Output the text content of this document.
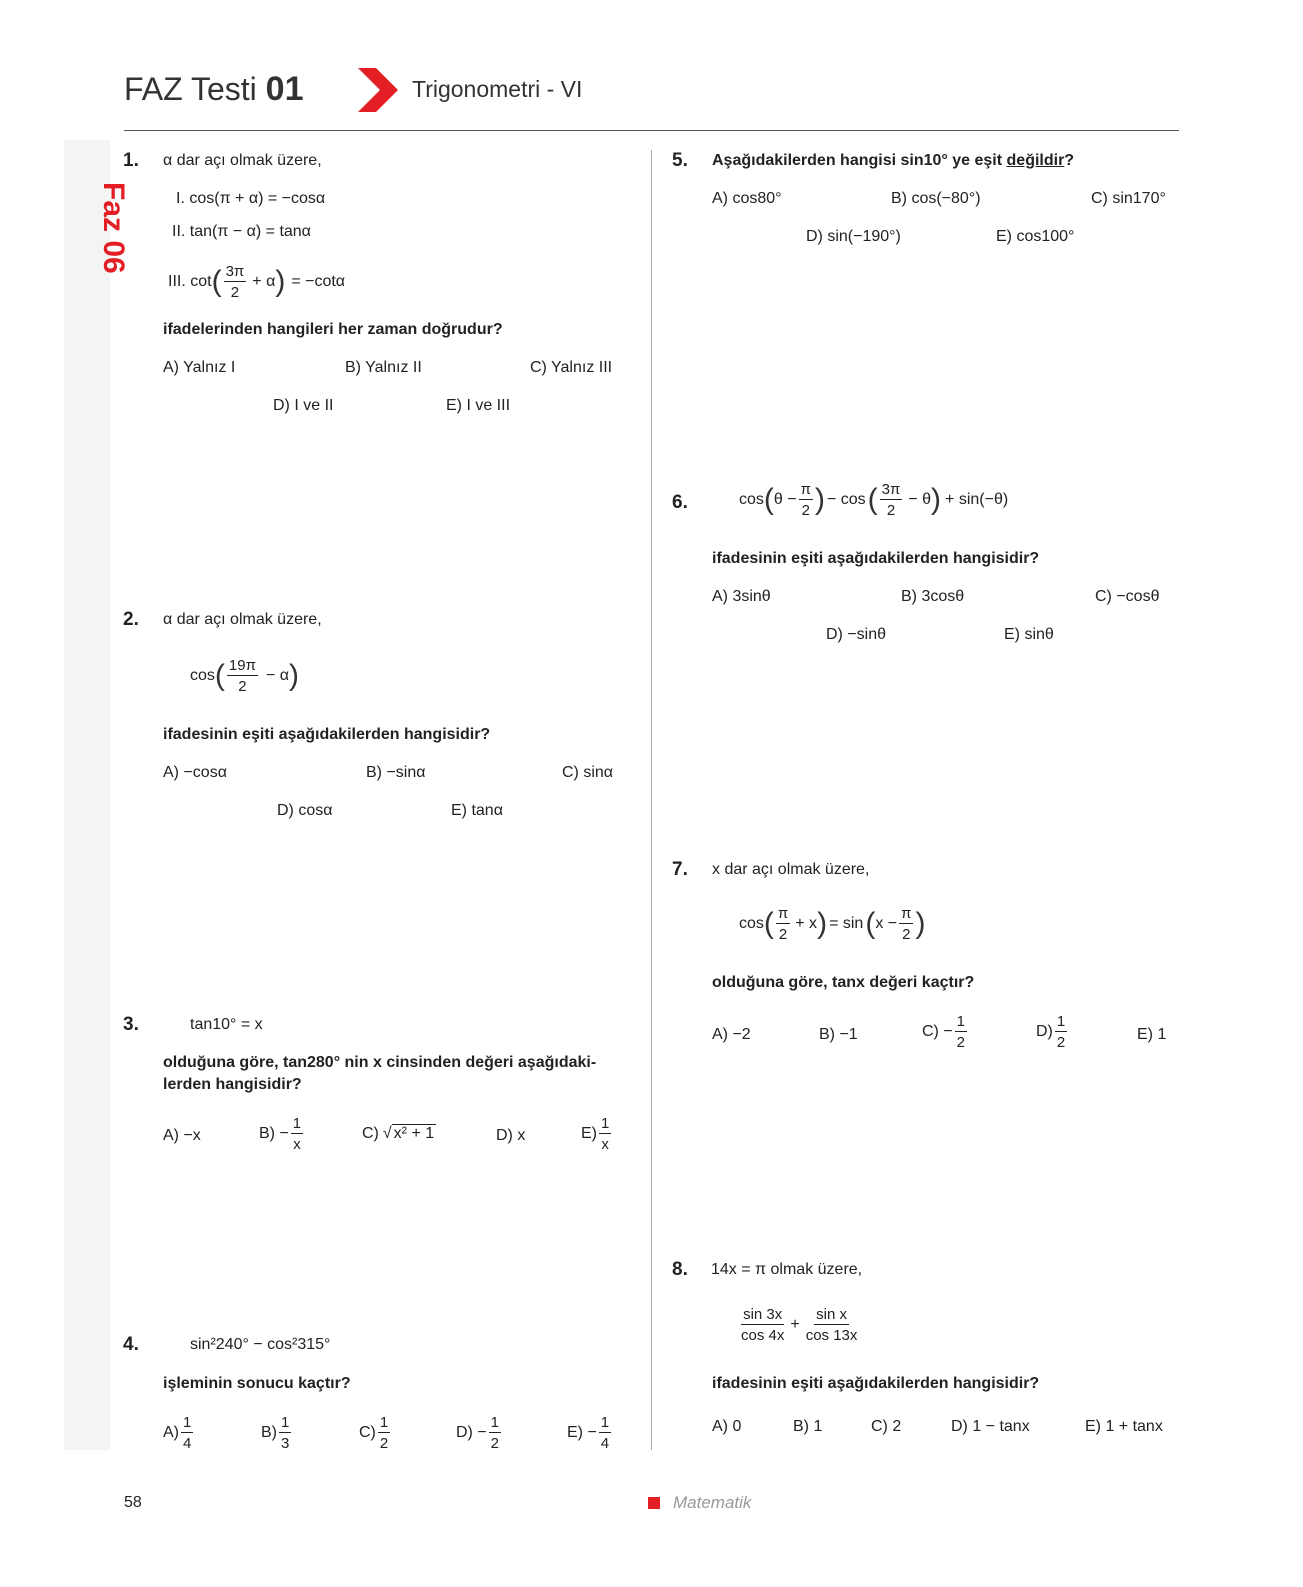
Faz 06
FAZ Testi 01	Trigonometri - VI
1. α dar açı olmak üzere,
I. cos(π + α) = −cosα
II. tan(π − α) = tanα
III. cot ( 3π
2
+ α ) = −cotα
ifadelerinden hangileri her zaman doğrudur?
A) Yalnız I	B) Yalnız II	C) Yalnız III
D) I ve II	E) I ve III
2. α dar açı olmak üzere,
cos ( 19π
2
− α )
ifadesinin eşiti aşağıdakilerden hangisidir?
A) −cosα	B) −sinα	C) sinα
D) cosα	E) tanα
3.	tan10° = x
olduğuna göre, tan280° nin x cinsinden değeri aşağıdaki-
lerden hangisidir?
A) −x	$B) - \frac{1}{x}$	C) √ x² + 1	D) x	E)
1
x
4.	sin²240° − cos²315°
işleminin sonucu kaçtır?
A)
1
4
B)
1
3
C)
1
2
$D) - \frac{1}{2}$	$E) - \frac{1}{4}$
5. Aşağıdakilerden hangisi sin10° ye eşit değildir?
A) cos80°	B) cos(−80°)	C) sin170°
D) sin(−190°)	E) cos100°
6.	cos ( $\theta - \frac{\pi}{2}$ ) − cos ( 3π
2
− θ ) + sin(−θ)
ifadesinin eşiti aşağıdakilerden hangisidir?
A) 3sinθ	B) 3cosθ	C) −cosθ
D) −sinθ	E) sinθ
7. x dar açı olmak üzere,
cos ( π
2
+ x ) = sin ( $x - \frac{\pi}{2}$ )
olduğuna göre, tanx değeri kaçtır?
A) −2	B) −1	$C) - \frac{1}{2}$	D)
1
2	E) 1
8. 14x = π olmak üzere,
sin 3x
cos 4x
+ $\frac{\text{sin x}}{\cos 13x}$
ifadesinin eşiti aşağıdakilerden hangisidir?
A) 0	B) 1	C) 2	D) 1 − tanx	E) 1 + tanx
58	Matematik
